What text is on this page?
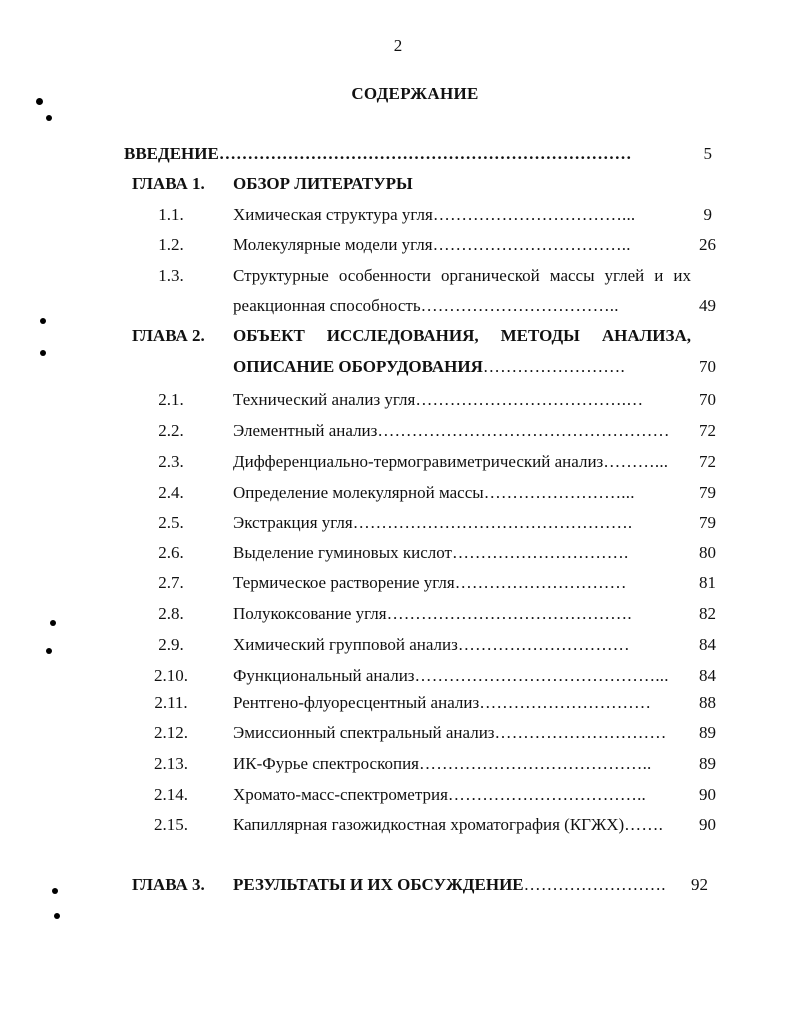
2
СОДЕРЖАНИЕ
ВВЕДЕНИЕ………………………………………………………………	5
ГЛАВА 1. ОБЗОР ЛИТЕРАТУРЫ
1.1.	Химическая структура угля……………………………...	9
1.2.	Молекулярные модели угля……………………………..	26
1.3.	Структурные особенности органической массы углей и их
реакционная способность……………………………..	49
ГЛАВА 2. ОБЪЕКТ ИССЛЕДОВАНИЯ, МЕТОДЫ АНАЛИЗА,
ОПИСАНИЕ ОБОРУДОВАНИЯ…………………….	70
2.1.	Технический анализ угля……………………………….…	70
2.2.	Элементный анализ……………………………………………	72
2.3.	Дифференциально-термогравиметрический анализ………...	72
2.4.	Определение молекулярной массы……………………...	79
2.5.	Экстракция угля………………………………………….	79
2.6.	Выделение гуминовых кислот………………………….	80
2.7.	Термическое растворение угля…………………………	81
2.8.	Полукоксование угля…………………………………….	82
2.9.	Химический групповой анализ…………………………	84
2.10.	Функциональный анализ……………………………………...	84
2.11.	Рентгено-флуоресцентный анализ…………………………	88
2.12.	Эмиссионный спектральный анализ…………………………	89
2.13.	ИК-Фурье спектроскопия…………………………………..	89
2.14.	Хромато-масс-спектрометрия……………………………..	90
2.15.	Капиллярная газожидкостная хроматография (КГЖХ)…….	90
ГЛАВА 3. РЕЗУЛЬТАТЫ И ИХ ОБСУЖДЕНИЕ…………………….	92
